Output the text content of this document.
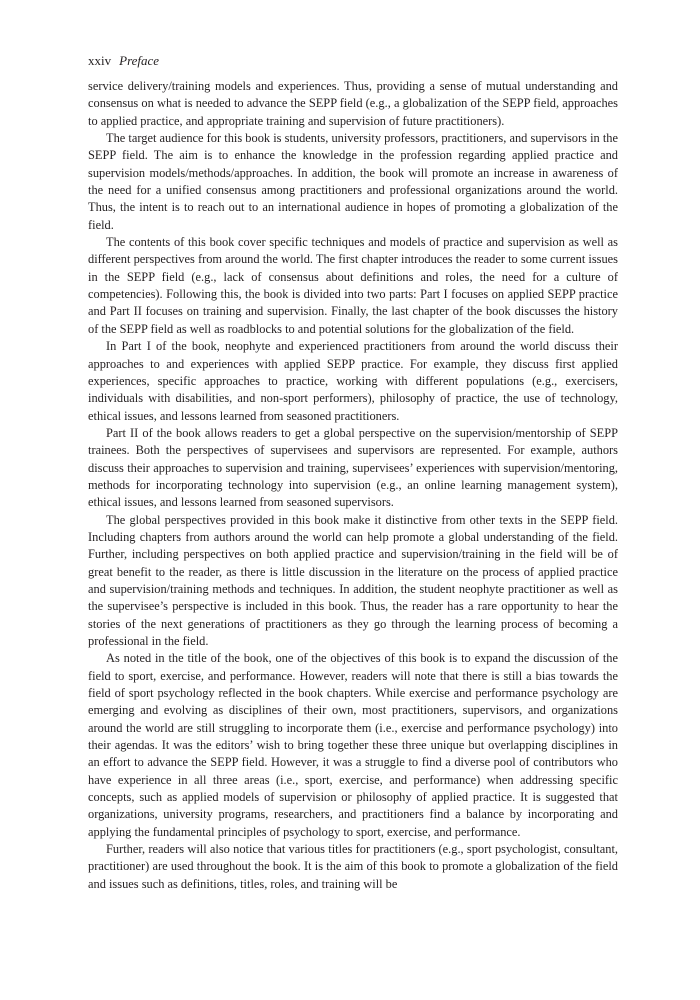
xxiv Preface

service delivery/training models and experiences. Thus, providing a sense of mutual understanding and consensus on what is needed to advance the SEPP field (e.g., a globalization of the SEPP field, approaches to applied practice, and appropriate training and supervision of future practitioners).

The target audience for this book is students, university professors, practitioners, and supervisors in the SEPP field. The aim is to enhance the knowledge in the profession regarding applied practice and supervision models/methods/approaches. In addition, the book will promote an increase in awareness of the need for a unified consensus among practitioners and professional organizations around the world. Thus, the intent is to reach out to an international audience in hopes of promoting a globalization of the field.

The contents of this book cover specific techniques and models of practice and supervision as well as different perspectives from around the world. The first chapter introduces the reader to some current issues in the SEPP field (e.g., lack of consensus about definitions and roles, the need for a culture of competencies). Following this, the book is divided into two parts: Part I focuses on applied SEPP practice and Part II focuses on training and supervision. Finally, the last chapter of the book discusses the history of the SEPP field as well as roadblocks to and potential solutions for the globalization of the field.

In Part I of the book, neophyte and experienced practitioners from around the world discuss their approaches to and experiences with applied SEPP practice. For example, they discuss first applied experiences, specific approaches to practice, working with different populations (e.g., exercisers, individuals with disabilities, and non-sport performers), philosophy of practice, the use of technology, ethical issues, and lessons learned from seasoned practitioners.

Part II of the book allows readers to get a global perspective on the supervision/mentorship of SEPP trainees. Both the perspectives of supervisees and supervisors are represented. For example, authors discuss their approaches to supervision and training, supervisees’ experiences with supervision/mentoring, methods for incorporating technology into supervision (e.g., an online learning management system), ethical issues, and lessons learned from seasoned supervisors.

The global perspectives provided in this book make it distinctive from other texts in the SEPP field. Including chapters from authors around the world can help promote a global understanding of the field. Further, including perspectives on both applied practice and supervision/training in the field will be of great benefit to the reader, as there is little discussion in the literature on the process of applied practice and supervision/training methods and techniques. In addition, the student neophyte practitioner as well as the supervisee’s perspective is included in this book. Thus, the reader has a rare opportunity to hear the stories of the next generations of practitioners as they go through the learning process of becoming a professional in the field.

As noted in the title of the book, one of the objectives of this book is to expand the discussion of the field to sport, exercise, and performance. However, readers will note that there is still a bias towards the field of sport psychology reflected in the book chapters. While exercise and performance psychology are emerging and evolving as disciplines of their own, most practitioners, supervisors, and organizations around the world are still struggling to incorporate them (i.e., exercise and performance psychology) into their agendas. It was the editors’ wish to bring together these three unique but overlapping disciplines in an effort to advance the SEPP field. However, it was a struggle to find a diverse pool of contributors who have experience in all three areas (i.e., sport, exercise, and performance) when addressing specific concepts, such as applied models of supervision or philosophy of applied practice. It is suggested that organizations, university programs, researchers, and practitioners find a balance by incorporating and applying the fundamental principles of psychology to sport, exercise, and performance.

Further, readers will also notice that various titles for practitioners (e.g., sport psychologist, consultant, practitioner) are used throughout the book. It is the aim of this book to promote a globalization of the field and issues such as definitions, titles, roles, and training will be
